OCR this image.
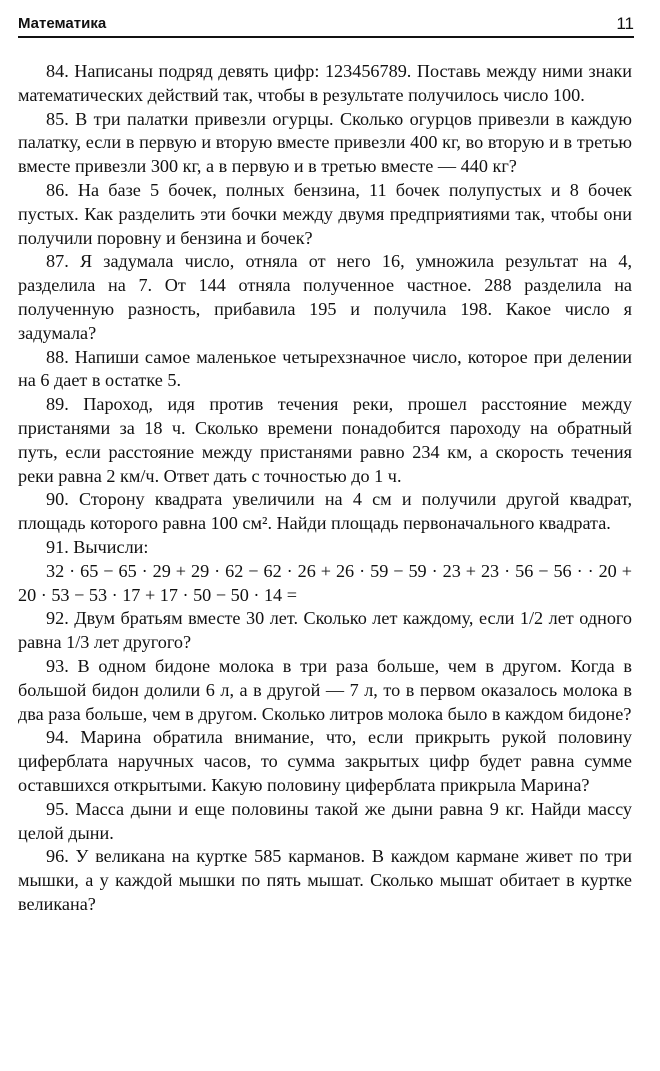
Математика	11

84. Написаны подряд девять цифр: 123456789. Поставь между ними знаки математических действий так, чтобы в результате получилось число 100.

85. В три палатки привезли огурцы. Сколько огурцов привезли в каждую палатку, если в первую и вторую вместе привезли 400 кг, во вторую и в третью вместе привезли 300 кг, а в первую и в третью вместе — 440 кг?

86. На базе 5 бочек, полных бензина, 11 бочек полупустых и 8 бочек пустых. Как разделить эти бочки между двумя предприятиями так, чтобы они получили поровну и бензина и бочек?

87. Я задумала число, отняла от него 16, умножила результат на 4, разделила на 7. От 144 отняла полученное частное. 288 разделила на полученную разность, прибавила 195 и получила 198. Какое число я задумала?

88. Напиши самое маленькое четырехзначное число, которое при делении на 6 дает в остатке 5.

89. Пароход, идя против течения реки, прошел расстояние между пристанями за 18 ч. Сколько времени понадобится пароходу на обратный путь, если расстояние между пристанями равно 234 км, а скорость течения реки равна 2 км/ч. Ответ дать с точностью до 1 ч.

90. Сторону квадрата увеличили на 4 см и получили другой квадрат, площадь которого равна 100 см². Найди площадь первоначального квадрата.

91. Вычисли:

32 · 65 − 65 · 29 + 29 · 62 − 62 · 26 + 26 · 59 − 59 · 23 + 23 · 56 − 56 · · 20 + 20 · 53 − 53 · 17 + 17 · 50 − 50 · 14 =

92. Двум братьям вместе 30 лет. Сколько лет каждому, если 1/2 лет одного равна 1/3 лет другого?

93. В одном бидоне молока в три раза больше, чем в другом. Когда в большой бидон долили 6 л, а в другой — 7 л, то в первом оказалось молока в два раза больше, чем в другом. Сколько литров молока было в каждом бидоне?

94. Марина обратила внимание, что, если прикрыть рукой половину циферблата наручных часов, то сумма закрытых цифр будет равна сумме оставшихся открытыми. Какую половину циферблата прикрыла Марина?

95. Масса дыни и еще половины такой же дыни равна 9 кг. Найди массу целой дыни.

96. У великана на куртке 585 карманов. В каждом кармане живет по три мышки, а у каждой мышки по пять мышат. Сколько мышат обитает в куртке великана?
